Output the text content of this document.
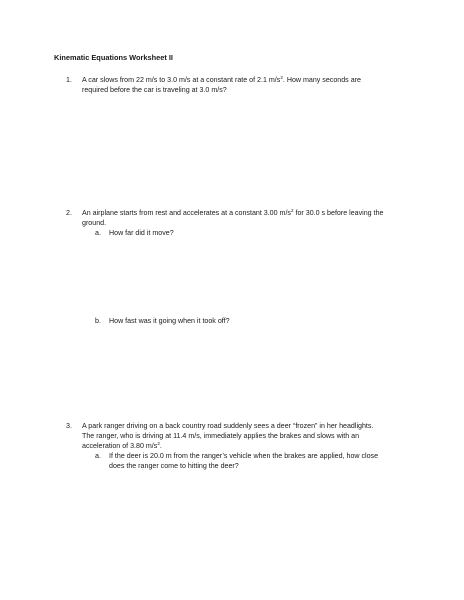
Kinematic Equations Worksheet II
1. A car slows from 22 m/s to 3.0 m/s at a constant rate of 2.1 $m/s^2$. How many seconds are
required before the car is traveling at 3.0 m/s?
2. An airplane starts from rest and accelerates at a constant 3.00 $m/s^2$ for 30.0 s before leaving the
ground.
a. How far did it move?
b. How fast was it going when it took off?
3. A park ranger driving on a back country road suddenly sees a deer “frozen” in her headlights.
The ranger, who is driving at 11.4 m/s, immediately applies the brakes and slows with an
acceleration of 3.80 $m/s^2$.
a. If the deer is 20.0 m from the ranger’s vehicle when the brakes are applied, how close
does the ranger come to hitting the deer?
